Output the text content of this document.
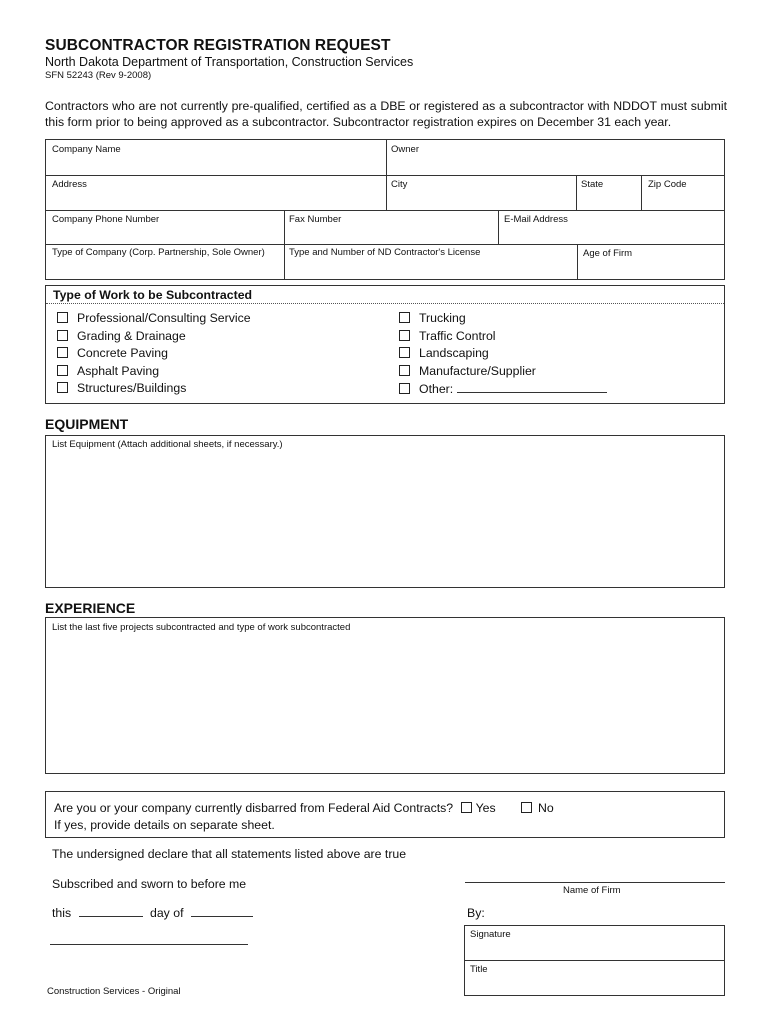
SUBCONTRACTOR REGISTRATION REQUEST
North Dakota Department of Transportation, Construction Services
SFN 52243 (Rev 9-2008)
Contractors who are not currently pre-qualified, certified as a DBE or registered as a subcontractor with NDDOT must submit this form prior to being approved as a subcontractor. Subcontractor registration expires on December 31 each year.
Company Name	Owner
Address	City	State	Zip Code
Company Phone Number	Fax Number	E-Mail Address
Type of Company (Corp. Partnership, Sole Owner)	Type and Number of ND Contractor's License	Age of Firm
Type of Work to be Subcontracted
Professional/Consulting Service
Grading & Drainage
Concrete Paving
Asphalt Paving
Structures/Buildings
Trucking
Traffic Control
Landscaping
Manufacture/Supplier
Other:
EQUIPMENT
List Equipment (Attach additional sheets, if necessary.)
EXPERIENCE
List the last five projects subcontracted and type of work subcontracted
Are you or your company currently disbarred from Federal Aid Contracts? Yes	No
If yes, provide details on separate sheet.
The undersigned declare that all statements listed above are true
Subscribed and sworn to before me
this	day of
Name of Firm
By:
Signature
Title
Construction Services - Original
